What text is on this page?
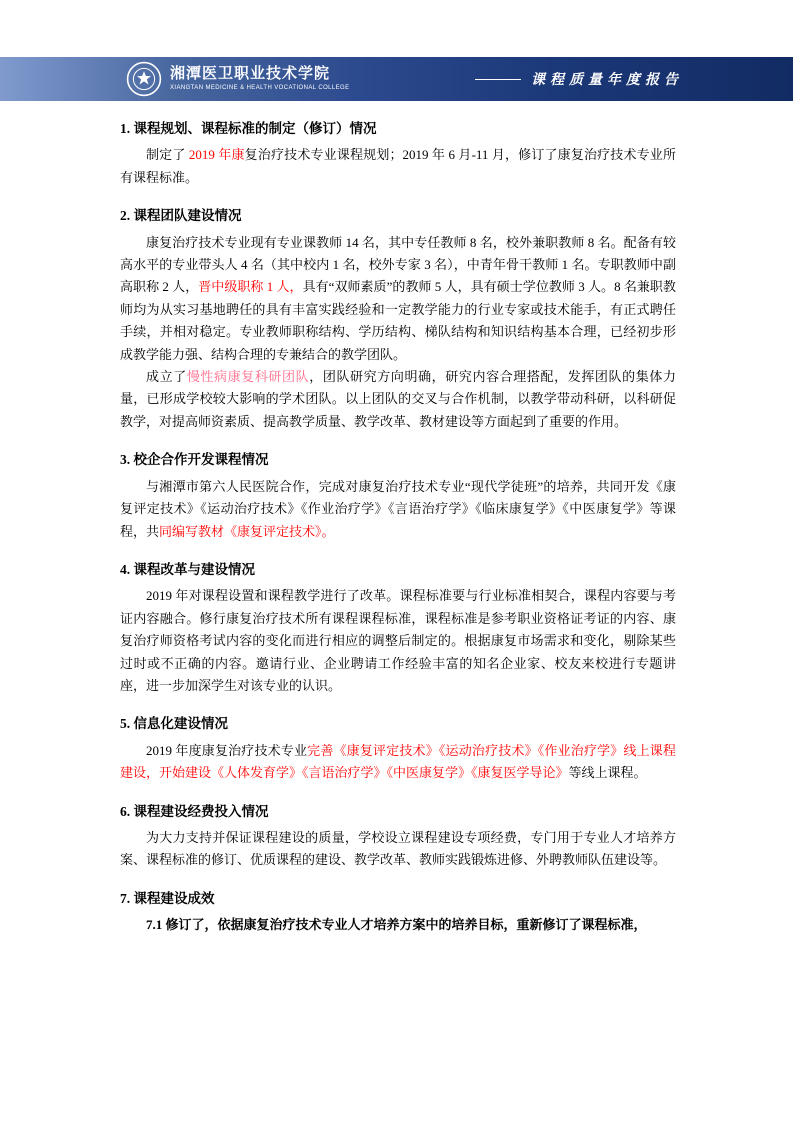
湘潭医卫职业技术学院
XIANGTAN MEDICINE & HEALTH VOCATIONAL COLLEGE	课程质量年度报告
1. 课程规划、课程标准的制定（修订）情况

制定了 2019 年康复治疗技术专业课程规划；2019 年 6 月-11 月，修订了康复治疗技术专业所有课程标准。

2. 课程团队建设情况

康复治疗技术专业现有专业课教师 14 名，其中专任教师 8 名，校外兼职教师 8 名。配备有较高水平的专业带头人 4 名（其中校内 1 名，校外专家 3 名），中青年骨干教师 1 名。专职教师中副高职称 2 人，晋中级职称 1 人，具有“双师素质”的教师 5 人，具有硕士学位教师 3 人。8 名兼职教师均为从实习基地聘任的具有丰富实践经验和一定教学能力的行业专家或技术能手，有正式聘任手续，并相对稳定。专业教师职称结构、学历结构、梯队结构和知识结构基本合理，已经初步形成教学能力强、结构合理的专兼结合的教学团队。

成立了慢性病康复科研团队，团队研究方向明确，研究内容合理搭配，发挥团队的集体力量，已形成学校较大影响的学术团队。以上团队的交叉与合作机制，以教学带动科研，以科研促教学，对提高师资素质、提高教学质量、教学改革、教材建设等方面起到了重要的作用。

3. 校企合作开发课程情况

与湘潭市第六人民医院合作，完成对康复治疗技术专业“现代学徒班”的培养，共同开发《康复评定技术》《运动治疗技术》《作业治疗学》《言语治疗学》《临床康复学》《中医康复学》等课程，共同编写教材《康复评定技术》。

4. 课程改革与建设情况

2019 年对课程设置和课程教学进行了改革。课程标准要与行业标准相契合，课程内容要与考证内容融合。修行康复治疗技术所有课程课程标准，课程标准是参考职业资格证考证的内容、康复治疗师资格考试内容的变化而进行相应的调整后制定的。根据康复市场需求和变化，剔除某些过时或不正确的内容。邀请行业、企业聘请工作经验丰富的知名企业家、校友来校进行专题讲座，进一步加深学生对该专业的认识。

5. 信息化建设情况

2019 年度康复治疗技术专业完善《康复评定技术》《运动治疗技术》《作业治疗学》线上课程建设，开始建设《人体发育学》《言语治疗学》《中医康复学》《康复医学导论》等线上课程。

6. 课程建设经费投入情况

为大力支持并保证课程建设的质量，学校设立课程建设专项经费，专门用于专业人才培养方案、课程标准的修订、优质课程的建设、教学改革、教师实践锻炼进修、外聘教师队伍建设等。

7. 课程建设成效

7.1 修订了，依据康复治疗技术专业人才培养方案中的培养目标，重新修订了课程标准，
